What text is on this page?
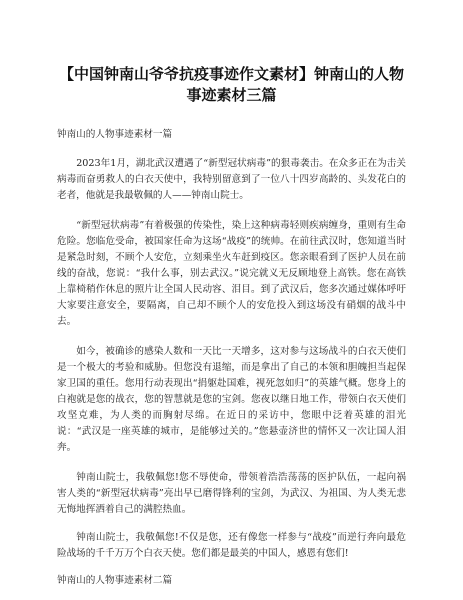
【中国钟南山爷爷抗疫事迹作文素材】钟南山的人物事迹素材三篇

钟南山的人物事迹素材一篇

2023年1月，湖北武汉遭遇了“新型冠状病毒”的狠毒袭击。在众多正在为击关病毒而奋勇救人的白衣天使中，我特别留意到了一位八十四岁高龄的、头发花白的老者，他就是我最敬佩的人——钟南山院士。

“新型冠状病毒”有着极强的传染性，染上这种病毒轻则疾病缠身，重则有生命危险。您临危受命，被国家任命为这场“战疫”的统帅。在前往武汉时，您知道当时是紧急时刻，不顾个人安危，立刻乘坐火车赶到疫区。您亲眼看到了医护人员在前线的奋战，您说：“我什么事，别去武汉。”说完就义无反顾地登上高铁。您在高铁上靠椅稍作休息的照片让全国人民动容、泪目。到了武汉后，您多次通过媒体呼吁大家要注意安全，要隔离，自己却不顾个人的安危投入到这场没有硝烟的战斗中去。

如今，被确诊的感染人数和一天比一天增多，这对参与这场战斗的白衣天使们是一个极大的考验和威胁。但您没有退缩，而是拿出了自己的本领和胆魄担当起保家卫国的重任。您用行动表现出“捐躯赴国难，视死忽如归”的英雄气概。您身上的白袍就是您的战衣，您的智慧就是您的宝剑。您夜以继日地工作，带领白衣天使们攻坚克难，为人类的而胸射尽绵。在近日的采访中，您眼中泛着英雄的泪光说：“武汉是一座英雄的城市，是能够过关的。”您悬壶济世的情怀又一次让国人泪奔。

钟南山院士，我敬佩您!您不辱使命，带领着浩浩荡荡的医护队伍，一起向祸害人类的“新型冠状病毒”亮出早已磨得锋利的宝剑，为武汉、为祖国、为人类无悲无悔地挥洒着自己的满腔热血。

钟南山院士，我敬佩您!不仅是您，还有像您一样参与“战疫”而逆行奔向最危险战场的千千万万个白衣天使。您们都是最美的中国人，感恩有您们!

钟南山的人物事迹素材二篇
